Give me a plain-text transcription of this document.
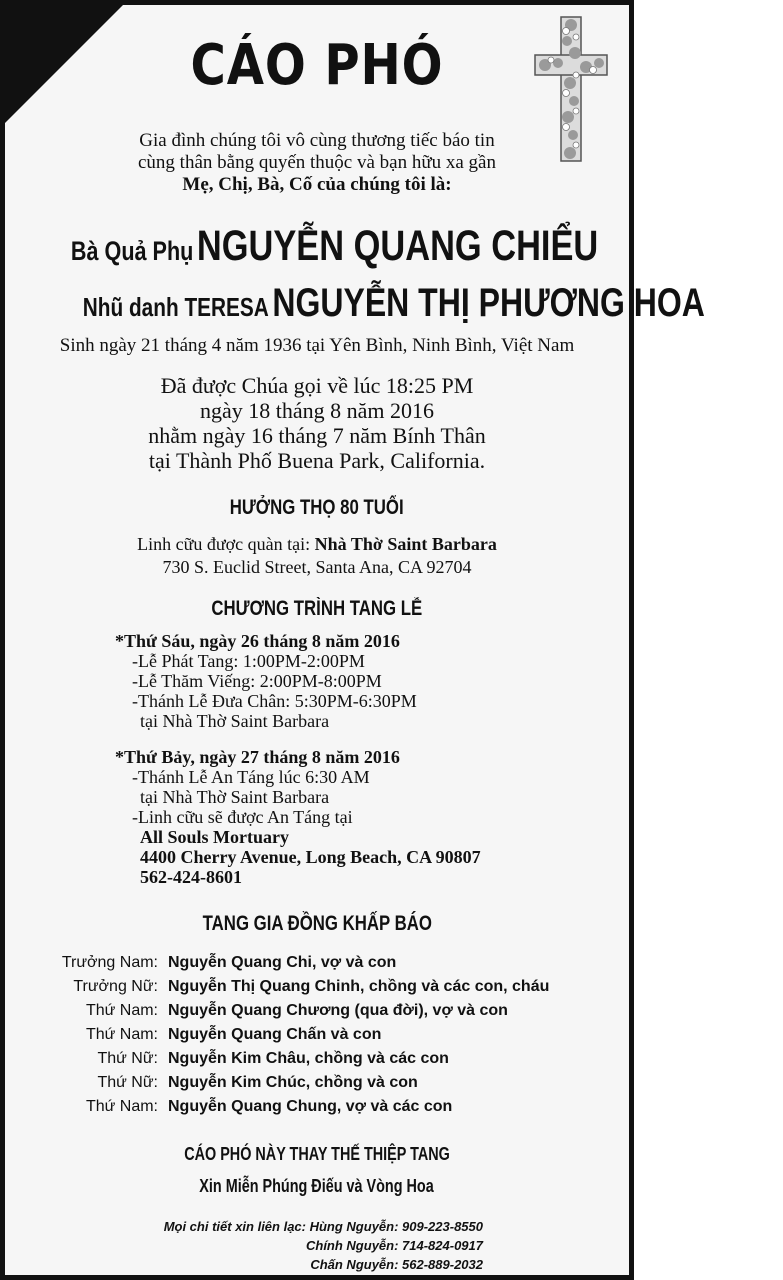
CÁO PHÓ
Gia đình chúng tôi vô cùng thương tiếc báo tin
cùng thân bằng quyến thuộc và bạn hữu xa gần
Mẹ, Chị, Bà, Cố của chúng tôi là:
Bà Quả Phụ NGUYỄN QUANG CHIỂU
Nhũ danh TERESA NGUYỄN THỊ PHƯƠNG HOA
Sinh ngày 21 tháng 4 năm 1936 tại Yên Bình, Ninh Bình, Việt Nam
Đã được Chúa gọi về lúc 18:25 PM
ngày 18 tháng 8 năm 2016
nhằm ngày 16 tháng 7 năm Bính Thân
tại Thành Phố Buena Park, California.
HƯỞNG THỌ 80 TUỔI
Linh cữu được quàn tại: Nhà Thờ Saint Barbara
730 S. Euclid Street, Santa Ana, CA 92704
CHƯƠNG TRÌNH TANG LỄ
*Thứ Sáu, ngày 26 tháng 8 năm 2016
-Lễ Phát Tang: 1:00PM-2:00PM
-Lễ Thăm Viếng: 2:00PM-8:00PM
-Thánh Lễ Đưa Chân: 5:30PM-6:30PM
tại Nhà Thờ Saint Barbara
*Thứ Bảy, ngày 27 tháng 8 năm 2016
-Thánh Lễ An Táng lúc 6:30 AM
tại Nhà Thờ Saint Barbara
-Linh cữu sẽ được An Táng tại
All Souls Mortuary
4400 Cherry Avenue, Long Beach, CA 90807
562-424-8601
TANG GIA ĐỒNG KHẤP BÁO
Trưởng Nam: Nguyễn Quang Chi, vợ và con
Trưởng Nữ: Nguyễn Thị Quang Chinh, chồng và các con, cháu
Thứ Nam: Nguyễn Quang Chương (qua đời), vợ và con
Thứ Nam: Nguyễn Quang Chấn và con
Thứ Nữ: Nguyễn Kim Châu, chồng và các con
Thứ Nữ: Nguyễn Kim Chúc, chồng và con
Thứ Nam: Nguyễn Quang Chung, vợ và các con
CÁO PHÓ NÀY THAY THẾ THIỆP TANG
Xin Miễn Phúng Điếu và Vòng Hoa
Mọi chi tiết xin liên lạc: Hùng Nguyễn: 909-223-8550
Chính Nguyễn: 714-824-0917
Chấn Nguyễn: 562-889-2032
